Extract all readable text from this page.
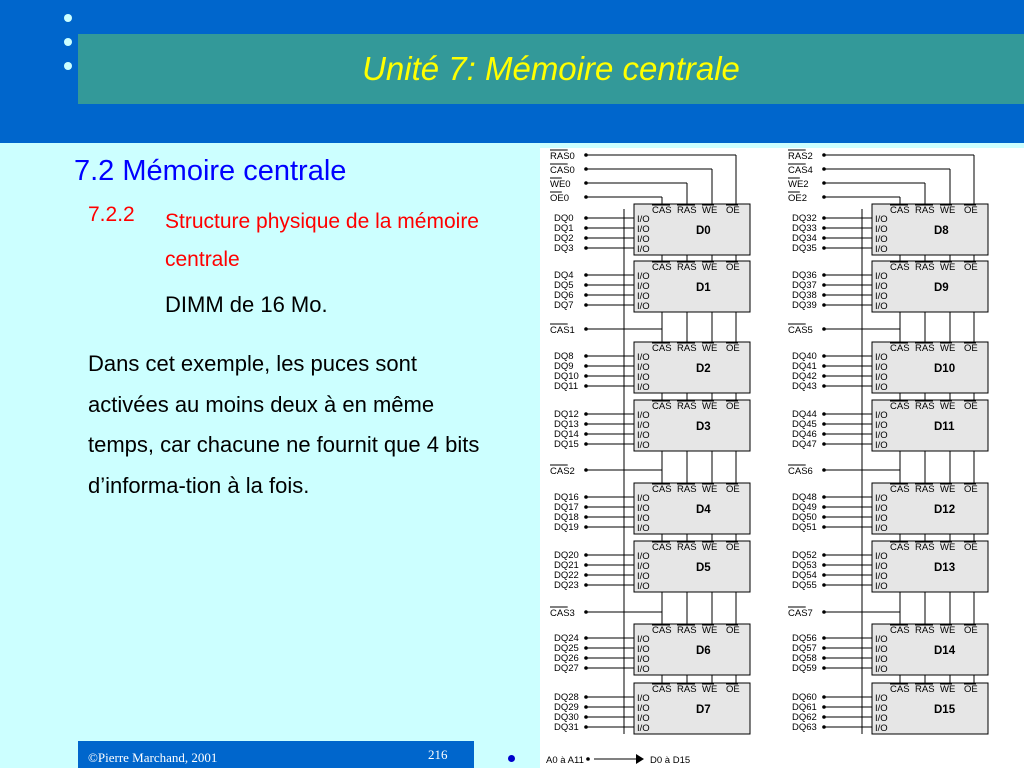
Unité 7: Mémoire centrale
7.2 Mémoire centrale
7.2.2 Structure physique de la mémoire centrale
DIMM de 16 Mo.
Dans cet exemple, les puces sont activées au moins deux à en même temps, car chacune ne fournit que 4 bits d’informa-tion à la fois.
©Pierre Marchand, 2001	216
RAS0
CAS0
WE0
OE0
CAS RAS WE OE
D0
DQ0	I/O
DQ1	I/O
DQ2	I/O
DQ3	I/O
CAS RAS WE OE
D1
DQ4	I/O
DQ5	I/O
DQ6	I/O
DQ7	I/O
CAS1
CAS RAS WE OE
D2
DQ8	I/O
DQ9	I/O
DQ10	I/O
DQ11	I/O
CAS RAS WE OE
D3
DQ12	I/O
DQ13	I/O
DQ14	I/O
DQ15	I/O
CAS2
CAS RAS WE OE
D4
DQ16	I/O
DQ17	I/O
DQ18	I/O
DQ19	I/O
CAS RAS WE OE
D5
DQ20	I/O
DQ21	I/O
DQ22	I/O
DQ23	I/O
CAS3
CAS RAS WE OE
D6
DQ24	I/O
DQ25	I/O
DQ26	I/O
DQ27	I/O
CAS RAS WE OE
D7
DQ28	I/O
DQ29	I/O
DQ30	I/O
DQ31	I/O
RAS2
CAS4
WE2
OE2
CAS RAS WE OE
D8
DQ32	I/O
DQ33	I/O
DQ34	I/O
DQ35	I/O
CAS RAS WE OE
D9
DQ36	I/O
DQ37	I/O
DQ38	I/O
DQ39	I/O
CAS5
CAS RAS WE OE
D10
DQ40	I/O
DQ41	I/O
DQ42	I/O
DQ43	I/O
CAS RAS WE OE
D11
DQ44	I/O
DQ45	I/O
DQ46	I/O
DQ47	I/O
CAS6
CAS RAS WE OE
D12
DQ48	I/O
DQ49	I/O
DQ50	I/O
DQ51	I/O
CAS RAS WE OE
D13
DQ52	I/O
DQ53	I/O
DQ54	I/O
DQ55	I/O
CAS7
CAS RAS WE OE
D14
DQ56	I/O
DQ57	I/O
DQ58	I/O
DQ59	I/O
CAS RAS WE OE
D15
DQ60	I/O
DQ61	I/O
DQ62	I/O
DQ63	I/O
A0 à A11	D0 à D15
